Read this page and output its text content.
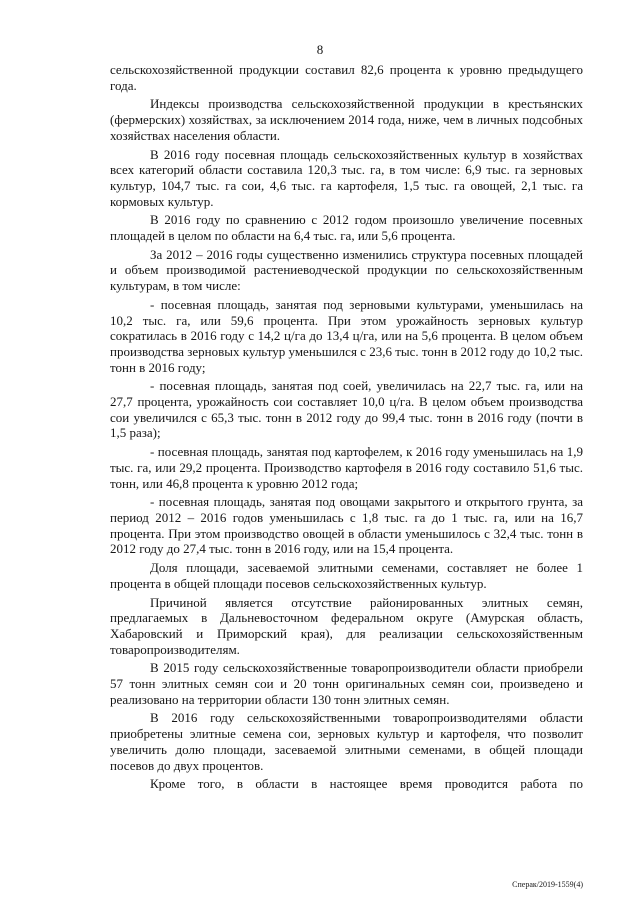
8

сельскохозяйственной продукции составил 82,6 процента к уровню предыдущего года.

Индексы производства сельскохозяйственной продукции в крестьянских (фермерских) хозяйствах, за исключением 2014 года, ниже, чем в личных подсобных хозяйствах населения области.

В 2016 году посевная площадь сельскохозяйственных культур в хозяйствах всех категорий области составила 120,3 тыс. га, в том числе: 6,9 тыс. га зерновых культур, 104,7 тыс. га сои, 4,6 тыс. га картофеля, 1,5 тыс. га овощей, 2,1 тыс. га кормовых культур.

В 2016 году по сравнению с 2012 годом произошло увеличение посевных площадей в целом по области на 6,4 тыс. га, или 5,6 процента.

За 2012 – 2016 годы существенно изменились структура посевных площадей и объем производимой растениеводческой продукции по сельскохозяйственным культурам, в том числе:

- посевная площадь, занятая под зерновыми культурами, уменьшилась на 10,2 тыс. га, или 59,6 процента. При этом урожайность зерновых культур сократилась в 2016 году с 14,2 ц/га до 13,4 ц/га, или на 5,6 процента. В целом объем производства зерновых культур уменьшился с 23,6 тыс. тонн в 2012 году до 10,2 тыс. тонн в 2016 году;

- посевная площадь, занятая под соей, увеличилась на 22,7 тыс. га, или на 27,7 процента, урожайность сои составляет 10,0 ц/га. В целом объем производства сои увеличился с 65,3 тыс. тонн в 2012 году до 99,4 тыс. тонн в 2016 году (почти в 1,5 раза);

- посевная площадь, занятая под картофелем, к 2016 году уменьшилась на 1,9 тыс. га, или 29,2 процента. Производство картофеля в 2016 году составило 51,6 тыс. тонн, или 46,8 процента к уровню 2012 года;

- посевная площадь, занятая под овощами закрытого и открытого грунта, за период 2012 – 2016 годов уменьшилась с 1,8 тыс. га до 1 тыс. га, или на 16,7 процента. При этом производство овощей в области уменьшилось с 32,4 тыс. тонн в 2012 году до 27,4 тыс. тонн в 2016 году, или на 15,4 процента.

Доля площади, засеваемой элитными семенами, составляет не более 1 процента в общей площади посевов сельскохозяйственных культур.

Причиной является отсутствие районированных элитных семян, предлагаемых в Дальневосточном федеральном округе (Амурская область, Хабаровский и Приморский края), для реализации сельскохозяйственным товаропроизводителям.

В 2015 году сельскохозяйственные товаропроизводители области приобрели 57 тонн элитных семян сои и 20 тонн оригинальных семян сои, произведено и реализовано на территории области 130 тонн элитных семян.

В 2016 году сельскохозяйственными товаропроизводителями области приобретены элитные семена сои, зерновых культур и картофеля, что позволит увеличить долю площади, засеваемой элитными семенами, в общей площади посевов до двух процентов.

Кроме того, в области в настоящее время проводится работа по

Сперак/2019-1559(4)
